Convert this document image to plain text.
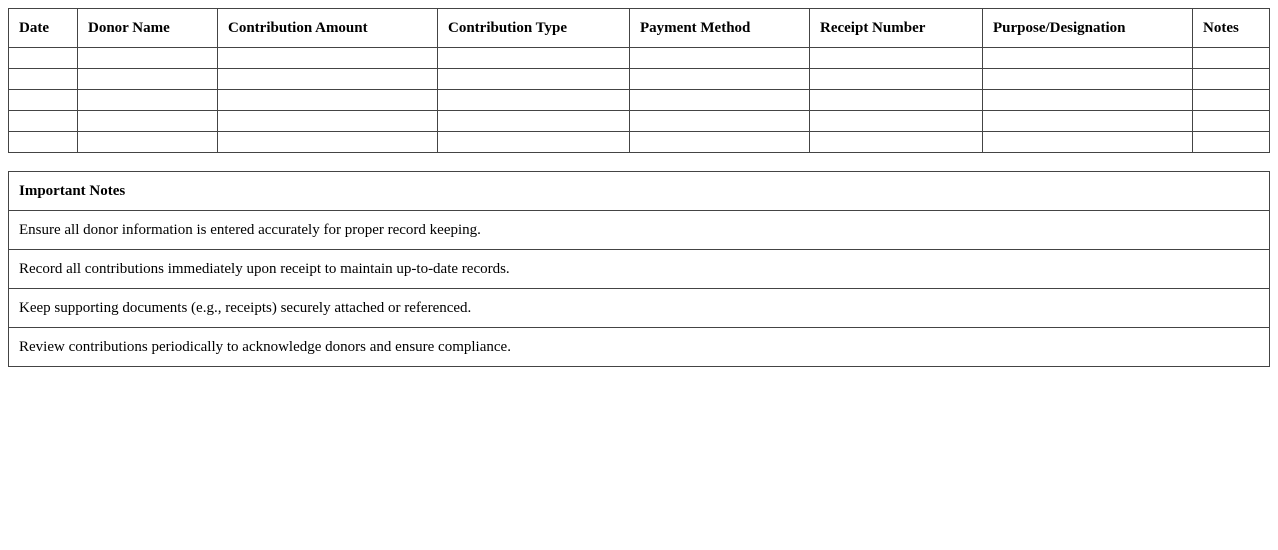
Date	Donor Name	Contribution Amount	Contribution Type	Payment Method	Receipt Number	Purpose/Designation	Notes

Important Notes
Ensure all donor information is entered accurately for proper record keeping.
Record all contributions immediately upon receipt to maintain up-to-date records.
Keep supporting documents (e.g., receipts) securely attached or referenced.
Review contributions periodically to acknowledge donors and ensure compliance.
